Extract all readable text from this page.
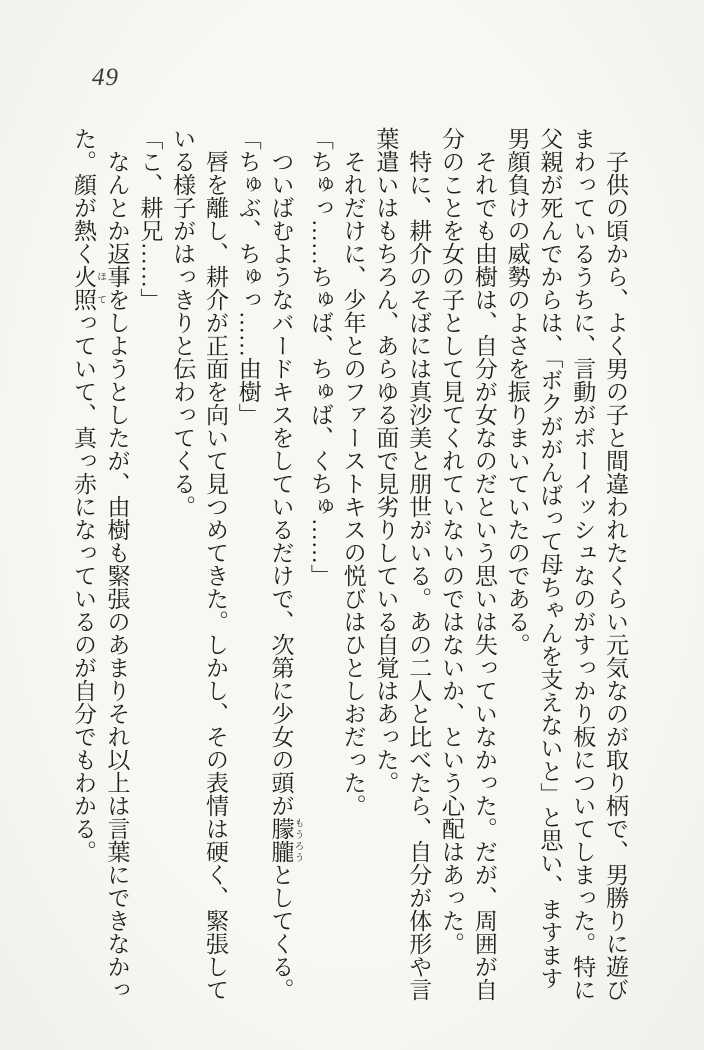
49

子供の頃から、よく男の子と間違われたくらい元気なのが取り柄で、男勝りに遊びまわっているうちに、言動がボーイッシュなのがすっかり板についてしまった。特に父親が死んでからは、「ボクががんばって母ちゃんを支えないと」と思い、ますます男顔負けの威勢のよさを振りまいていたのである。

それでも由樹は、自分が女なのだという思いは失っていなかった。だが、周囲が自分のことを女の子として見てくれていないのではないか、という心配はあった。

特に、耕介のそばには真沙美と朋世がいる。あの二人と比べたら、自分が体形や言葉遣いはもちろん、あらゆる面で見劣りしている自覚はあった。

それだけに、少年とのファーストキスの悦びはひとしおだった。

「ちゅっ……ちゅば、ちゅば、くちゅ……」

ついばむようなバードキスをしているだけで、次第に少女の頭が朦朧 もうろうとしてくる。

「ちゅぶ、ちゅっ……由樹」

唇を離し、耕介が正面を向いて見つめてきた。しかし、その表情は硬く、緊張している様子がはっきりと伝わってくる。

「こ、耕兄……」

なんとか返事をしようとしたが、由樹も緊張のあまりそれ以上は言葉にできなかった。顔が熱く火照 ほてっていて、真っ赤になっているのが自分でもわかる。
